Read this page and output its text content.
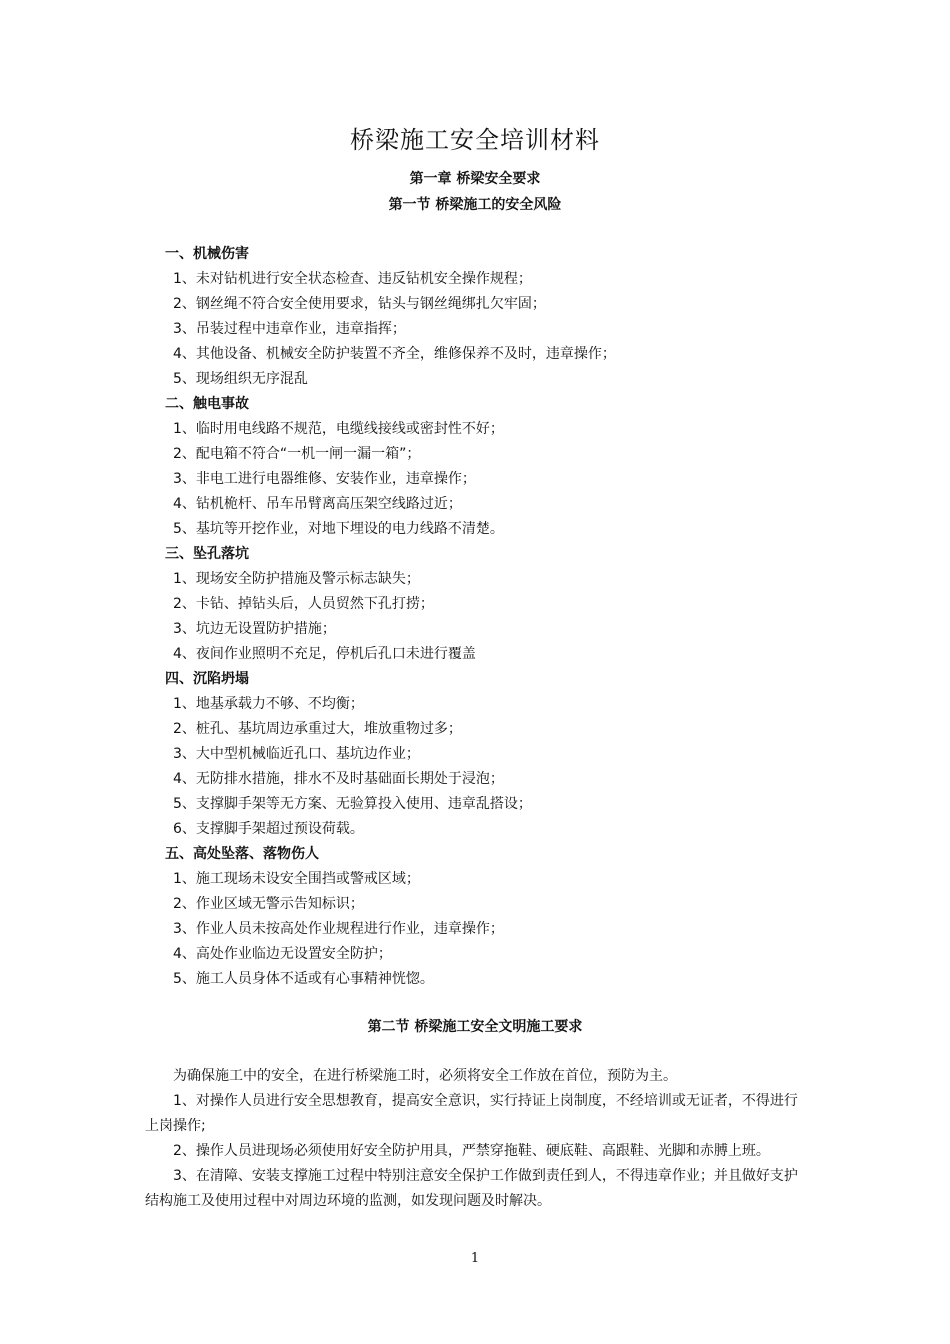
桥梁施工安全培训材料
第一章 桥梁安全要求
第一节 桥梁施工的安全风险
一、机械伤害
1、未对钻机进行安全状态检查、违反钻机安全操作规程；
2、钢丝绳不符合安全使用要求，钻头与钢丝绳绑扎欠牢固；
3、吊装过程中违章作业，违章指挥；
4、其他设备、机械安全防护装置不齐全，维修保养不及时，违章操作；
5、现场组织无序混乱
二、触电事故
1、临时用电线路不规范，电缆线接线或密封性不好；
2、配电箱不符合“一机一闸一漏一箱”；
3、非电工进行电器维修、安装作业，违章操作；
4、钻机桅杆、吊车吊臂离高压架空线路过近；
5、基坑等开挖作业，对地下埋设的电力线路不清楚。
三、坠孔落坑
1、现场安全防护措施及警示标志缺失；
2、卡钻、掉钻头后，人员贸然下孔打捞；
3、坑边无设置防护措施；
4、夜间作业照明不充足，停机后孔口未进行覆盖
四、沉陷坍塌
1、地基承载力不够、不均衡；
2、桩孔、基坑周边承重过大，堆放重物过多；
3、大中型机械临近孔口、基坑边作业；
4、无防排水措施，排水不及时基础面长期处于浸泡；
5、支撑脚手架等无方案、无验算投入使用、违章乱搭设；
6、支撑脚手架超过预设荷载。
五、高处坠落、落物伤人
1、施工现场未设安全围挡或警戒区域；
2、作业区域无警示告知标识；
3、作业人员未按高处作业规程进行作业，违章操作；
4、高处作业临边无设置安全防护；
5、施工人员身体不适或有心事精神恍惚。
第二节 桥梁施工安全文明施工要求

为确保施工中的安全，在进行桥梁施工时，必须将安全工作放在首位，预防为主。

1、对操作人员进行安全思想教育，提高安全意识，实行持证上岗制度，不经培训或无证者，不得进行上岗操作;

2、操作人员进现场必须使用好安全防护用具，严禁穿拖鞋、硬底鞋、高跟鞋、光脚和赤膊上班。

3、在清障、安装支撑施工过程中特别注意安全保护工作做到责任到人，不得违章作业；并且做好支护结构施工及使用过程中对周边环境的监测，如发现问题及时解决。

1
